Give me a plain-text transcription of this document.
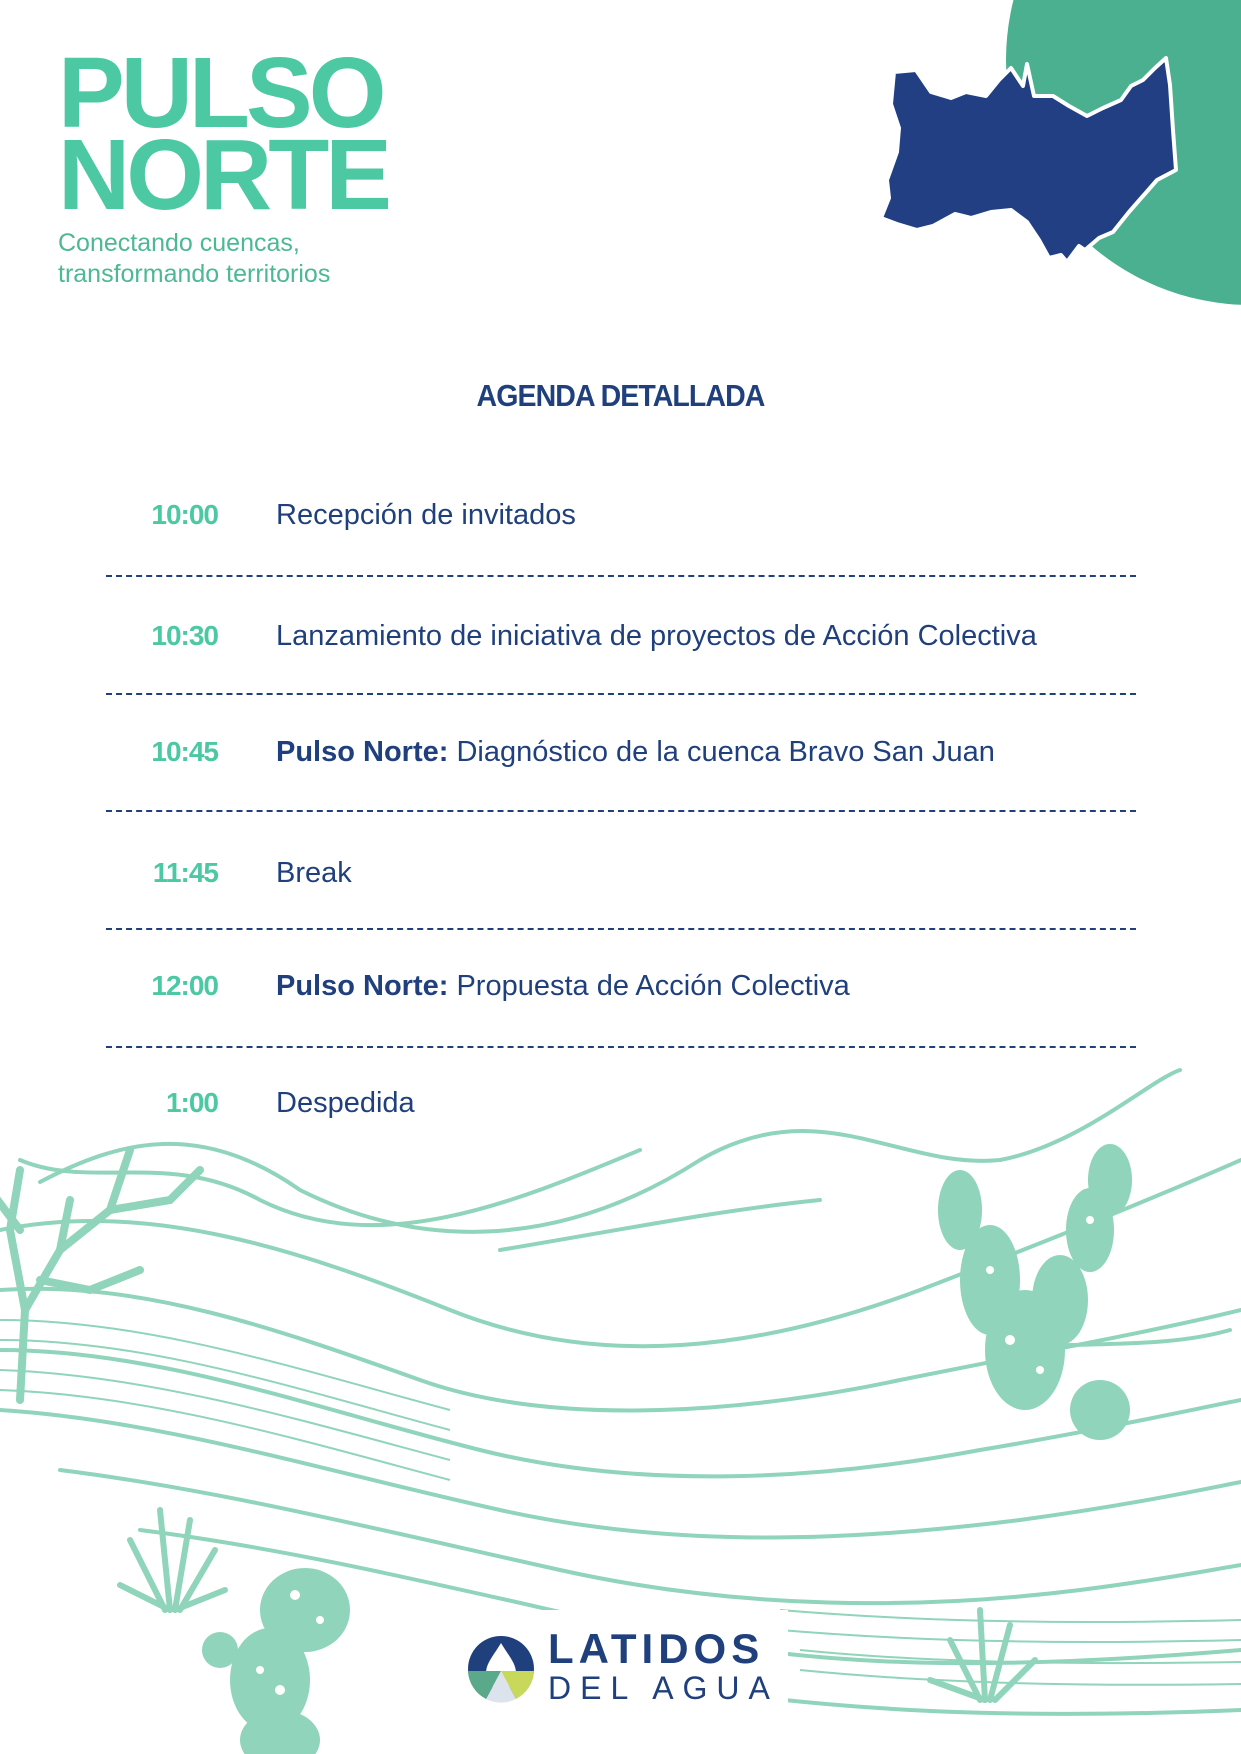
PULSO
NORTE
Conectando cuencas,
transformando territorios
AGENDA DETALLADA
10:00 Recepción de invitados
10:30 Lanzamiento de iniciativa de proyectos de Acción Colectiva
10:45 Pulso Norte: Diagnóstico de la cuenca Bravo San Juan
11:45 Break
12:00 Pulso Norte: Propuesta de Acción Colectiva
1:00 Despedida
LATIDOS
DEL AGUA
